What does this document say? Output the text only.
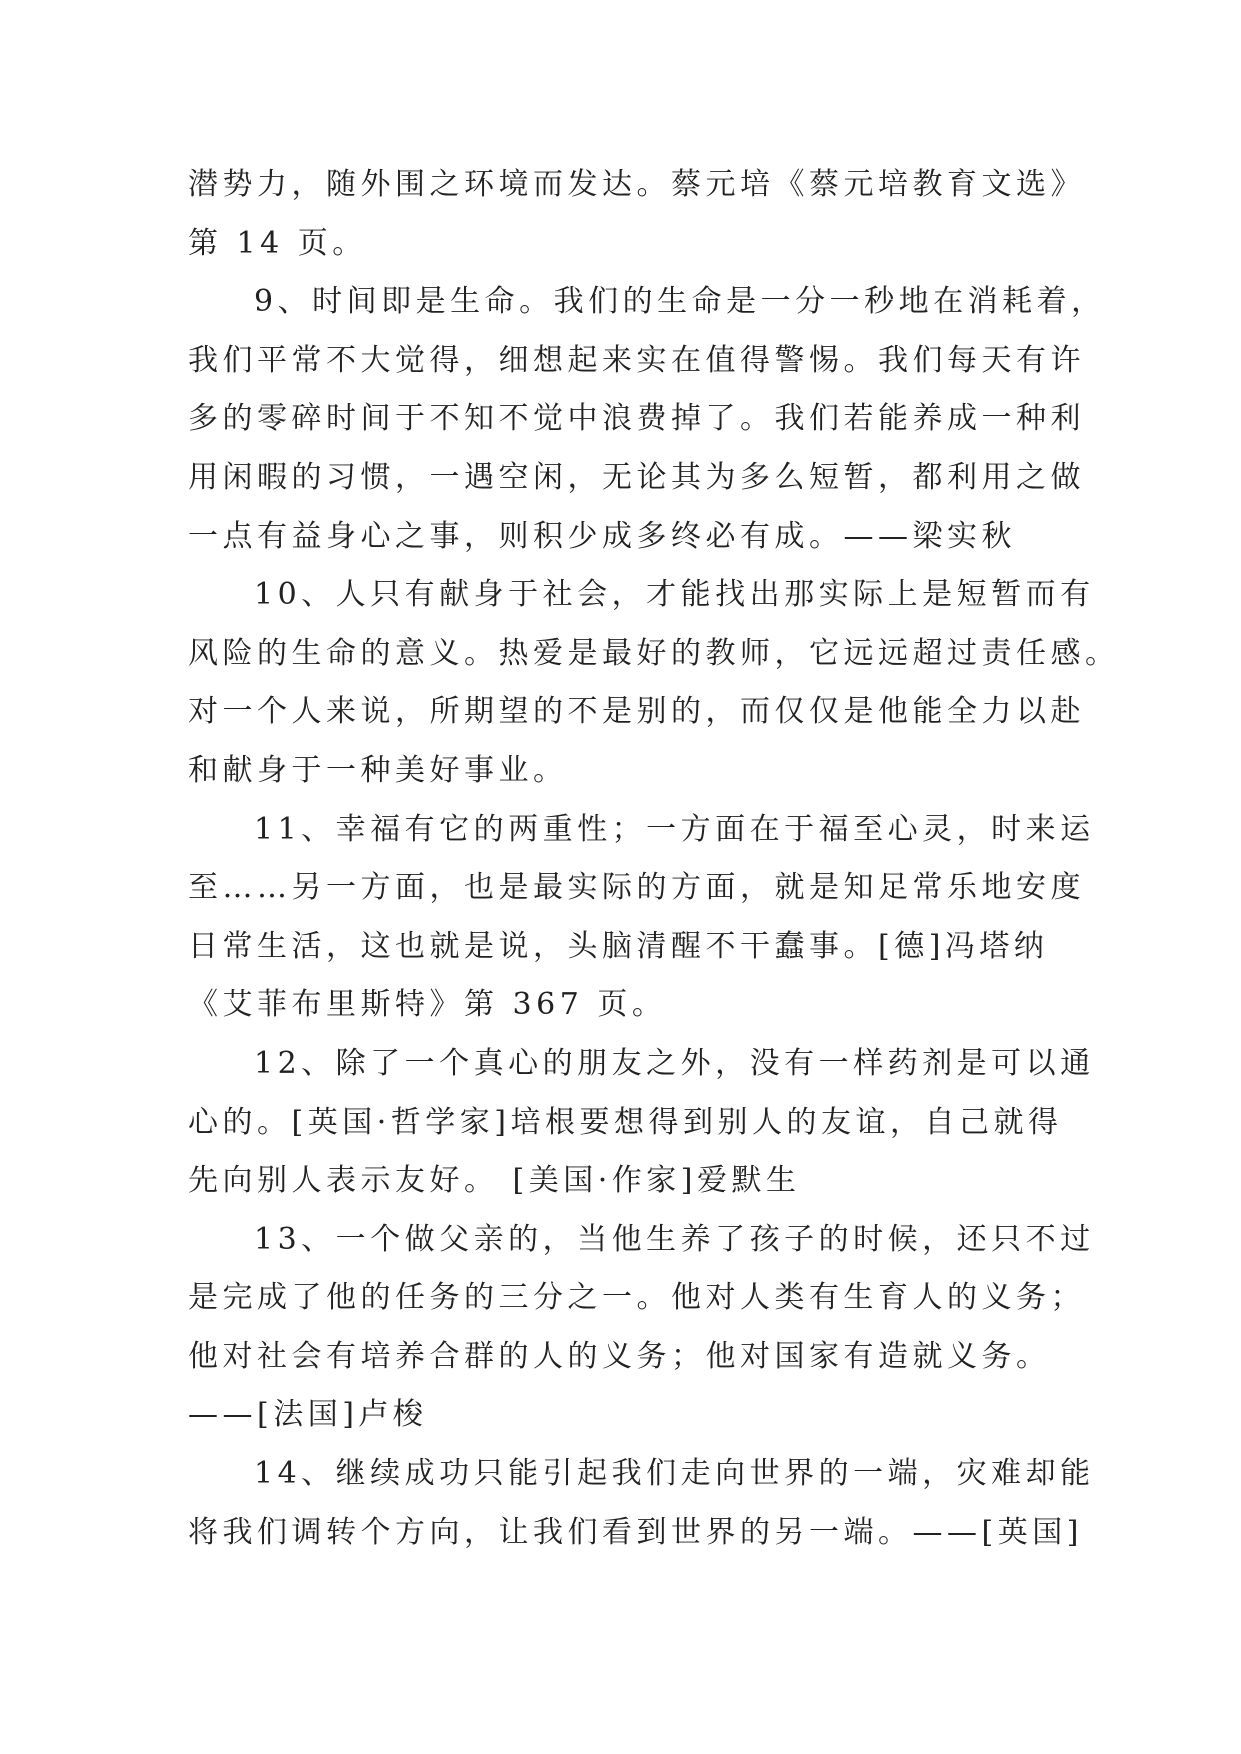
潜势力，随外围之环境而发达。蔡元培《蔡元培教育文选》
第 14 页。
9、时间即是生命。我们的生命是一分一秒地在消耗着，
我们平常不大觉得，细想起来实在值得警惕。我们每天有许
多的零碎时间于不知不觉中浪费掉了。我们若能养成一种利
用闲暇的习惯，一遇空闲，无论其为多么短暂，都利用之做
一点有益身心之事，则积少成多终必有成。——梁实秋
10、人只有献身于社会，才能找出那实际上是短暂而有
风险的生命的意义。热爱是最好的教师，它远远超过责任感。
对一个人来说，所期望的不是别的，而仅仅是他能全力以赴
和献身于一种美好事业。
11、幸福有它的两重性；一方面在于福至心灵，时来运
至……另一方面，也是最实际的方面，就是知足常乐地安度
日常生活，这也就是说，头脑清醒不干蠢事。[德]冯塔纳
《艾菲布里斯特》第 367 页。
12、除了一个真心的朋友之外，没有一样药剂是可以通
心的。[英国·哲学家]培根要想得到别人的友谊，自己就得
先向别人表示友好。 [美国·作家]爱默生
13、一个做父亲的，当他生养了孩子的时候，还只不过
是完成了他的任务的三分之一。他对人类有生育人的义务；
他对社会有培养合群的人的义务；他对国家有造就义务。
——[法国]卢梭
14、继续成功只能引起我们走向世界的一端，灾难却能
将我们调转个方向，让我们看到世界的另一端。——[英国]
